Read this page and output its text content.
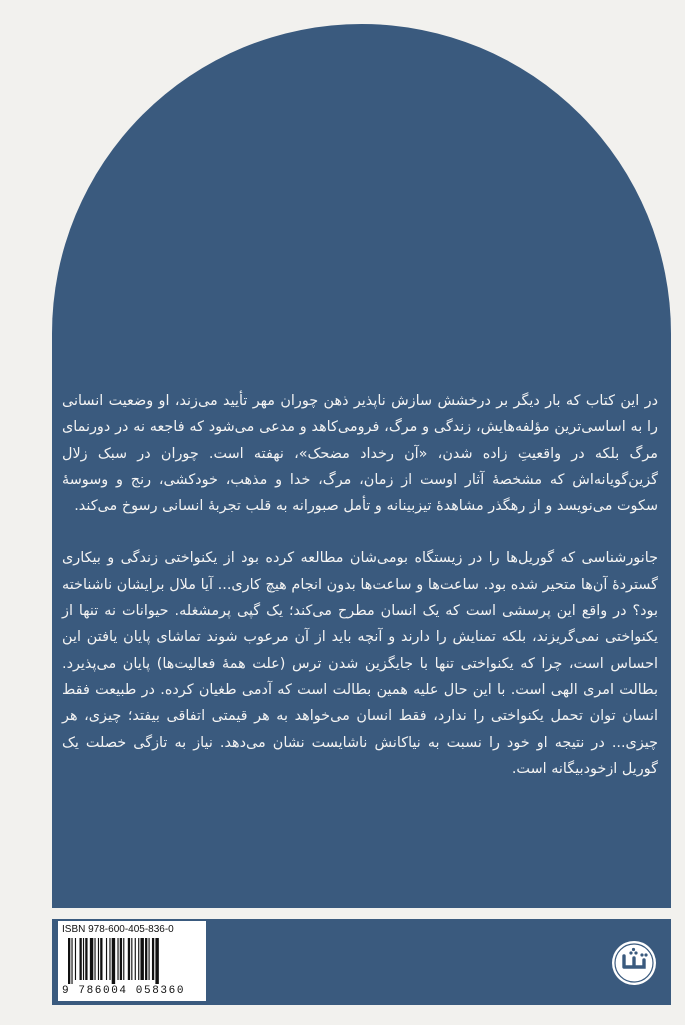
در این کتاب که بار دیگر بر درخشش سازش ناپذیر ذهن چوران مهر تأیید می‌زند، او وضعیت انسانی را به اساسی‌ترین مؤلفه‌هایش، زندگی و مرگ، فرومی‌کاهد و مدعی می‌شود که فاجعه نه در دورنمای مرگ بلکه در واقعیتِ زاده شدن، «آن رخداد مضحک»، نهفته است. چوران در سبک زلال گزین‌گویانه‌اش که مشخصهٔ آثار اوست از زمان، مرگ، خدا و مذهب، خودکشی، رنج و وسوسهٔ سکوت می‌نویسد و از رهگذر مشاهدهٔ تیزبینانه و تأمل صبورانه به قلب تجربهٔ انسانی رسوخ می‌کند.

جانورشناسی که گوریل‌ها را در زیستگاه بومی‌شان مطالعه کرده بود از یکنواختی زندگی و بیکاری گستردهٔ آن‌ها متحیر شده بود. ساعت‌ها و ساعت‌ها بدون انجام هیچ کاری... آیا ملال برایشان ناشناخته بود؟ در واقع این پرسشی است که یک انسان مطرح می‌کند؛ یک گپی پرمشغله. حیوانات نه تنها از یکنواختی نمی‌گریزند، بلکه تمنایش را دارند و آنچه باید از آن مرعوب شوند تماشای پایان یافتن این احساس است، چرا که یکنواختی تنها با جایگزین شدن ترس (علت همهٔ فعالیت‌ها) پایان می‌پذیرد. بطالت امری الهی است. با این حال علیه همین بطالت است که آدمی طغیان کرده. در طبیعت فقط انسان توان تحمل یکنواختی را ندارد، فقط انسان می‌خواهد به هر قیمتی اتفاقی بیفتد؛ چیزی، هر چیزی... در نتیجه او خود را نسبت به نیاکانش ناشایست نشان می‌دهد. نیاز به تازگی خصلت یک گوریل ازخودبیگانه است.

ISBN 978-600-405-836-0
9 786004 058360
